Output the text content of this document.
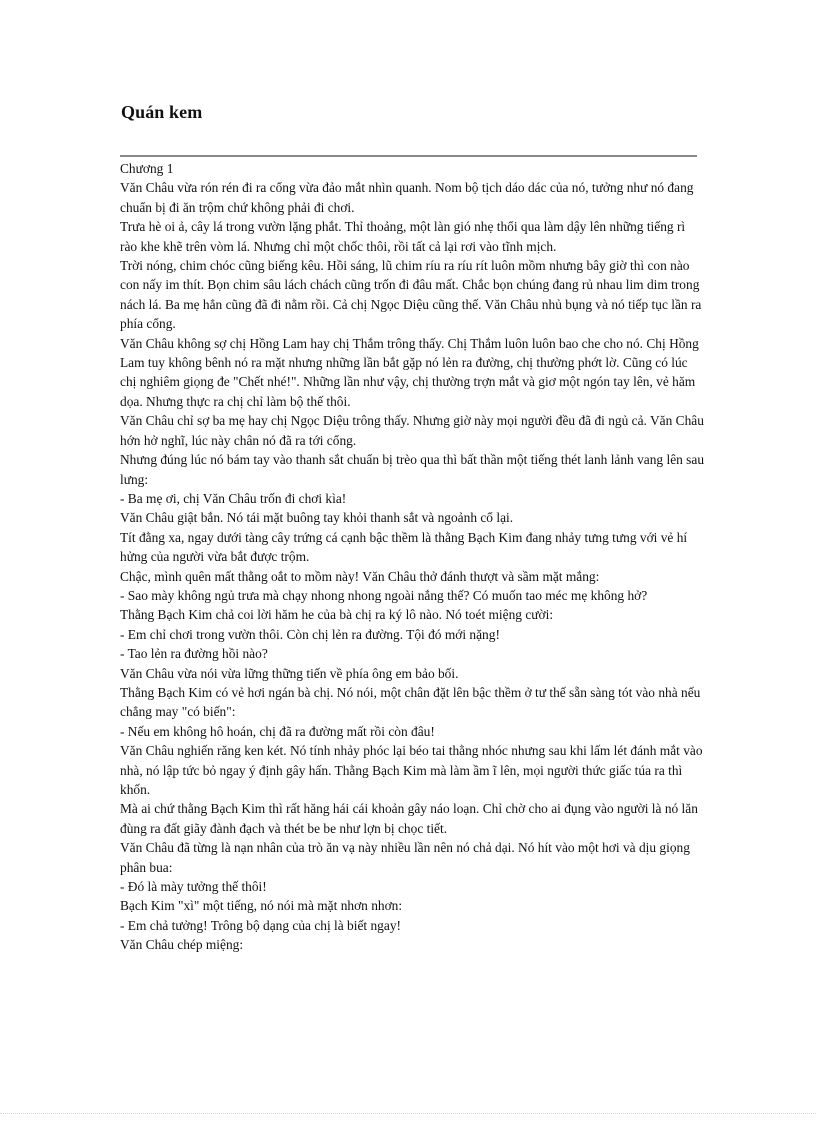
Quán kem

Chương 1

Văn Châu vừa rón rén đi ra cổng vừa đảo mắt nhìn quanh. Nom bộ tịch dáo dác của nó, tưởng như nó đang chuẩn bị đi ăn trộm chứ không phải đi chơi.

Trưa hè oi ả, cây lá trong vườn lặng phắt. Thỉ thoảng, một làn gió nhẹ thổi qua làm dậy lên những tiếng rì rào khe khẽ trên vòm lá. Nhưng chỉ một chốc thôi, rồi tất cả lại rơi vào tĩnh mịch.

Trời nóng, chim chóc cũng biếng kêu. Hồi sáng, lũ chim ríu ra ríu rít luôn mồm nhưng bây giờ thì con nào con nấy im thít. Bọn chim sâu lách chách cũng trốn đi đâu mất. Chắc bọn chúng đang rủ nhau lim dim trong nách lá. Ba mẹ hẳn cũng đã đi nằm rồi. Cả chị Ngọc Diệu cũng thế. Văn Châu nhủ bụng và nó tiếp tục lần ra phía cổng.

Văn Châu không sợ chị Hồng Lam hay chị Thắm trông thấy. Chị Thắm luôn luôn bao che cho nó. Chị Hồng Lam tuy không bênh nó ra mặt nhưng những lần bắt gặp nó lẻn ra đường, chị thường phớt lờ. Cũng có lúc chị nghiêm giọng đe "Chết nhé!". Những lần như vậy, chị thường trợn mắt và giơ một ngón tay lên, vẻ hăm dọa. Nhưng thực ra chị chỉ làm bộ thế thôi.

Văn Châu chỉ sợ ba mẹ hay chị Ngọc Diệu trông thấy. Nhưng giờ này mọi người đều đã đi ngủ cả. Văn Châu hớn hở nghĩ, lúc này chân nó đã ra tới cổng.

Nhưng đúng lúc nó bám tay vào thanh sắt chuẩn bị trèo qua thì bất thần một tiếng thét lanh lảnh vang lên sau lưng:

- Ba mẹ ơi, chị Văn Châu trốn đi chơi kìa!

Văn Châu giật bắn. Nó tái mặt buông tay khỏi thanh sắt và ngoảnh cổ lại.

Tít đằng xa, ngay dưới tàng cây trứng cá cạnh bậc thềm là thằng Bạch Kim đang nhảy tưng tưng với vẻ hí hửng của người vừa bắt được trộm.

Chậc, mình quên mất thằng oắt to mồm này! Văn Châu thở đánh thượt và sầm mặt mắng:

- Sao mày không ngủ trưa mà chạy nhong nhong ngoài nắng thế? Có muốn tao méc mẹ không hở?

Thằng Bạch Kim chả coi lời hăm he của bà chị ra ký lô nào. Nó toét miệng cười:

- Em chỉ chơi trong vườn thôi. Còn chị lẻn ra đường. Tội đó mới nặng!

- Tao lẻn ra đường hồi nào?

Văn Châu vừa nói vừa lững thững tiến về phía ông em bảo bối.

Thằng Bạch Kim có vẻ hơi ngán bà chị. Nó nói, một chân đặt lên bậc thềm ở tư thế sẵn sàng tót vào nhà nếu chẳng may "có biến":

- Nếu em không hô hoán, chị đã ra đường mất rồi còn đâu!

Văn Châu nghiến răng ken két. Nó tính nhảy phóc lại béo tai thằng nhóc nhưng sau khi lấm lét đánh mắt vào nhà, nó lập tức bỏ ngay ý định gây hấn. Thằng Bạch Kim mà làm ầm ĩ lên, mọi người thức giấc túa ra thì khốn.

Mà ai chứ thằng Bạch Kim thì rất hăng hái cái khoản gây náo loạn. Chỉ chờ cho ai đụng vào người là nó lăn đùng ra đất giãy đành đạch và thét be be như lợn bị chọc tiết.

Văn Châu đã từng là nạn nhân của trò ăn vạ này nhiều lần nên nó chả dại. Nó hít vào một hơi và dịu giọng phân bua:

- Đó là mày tưởng thế thôi!

Bạch Kim "xì" một tiếng, nó nói mà mặt nhơn nhơn:

- Em chả tưởng! Trông bộ dạng của chị là biết ngay!

Văn Châu chép miệng:
